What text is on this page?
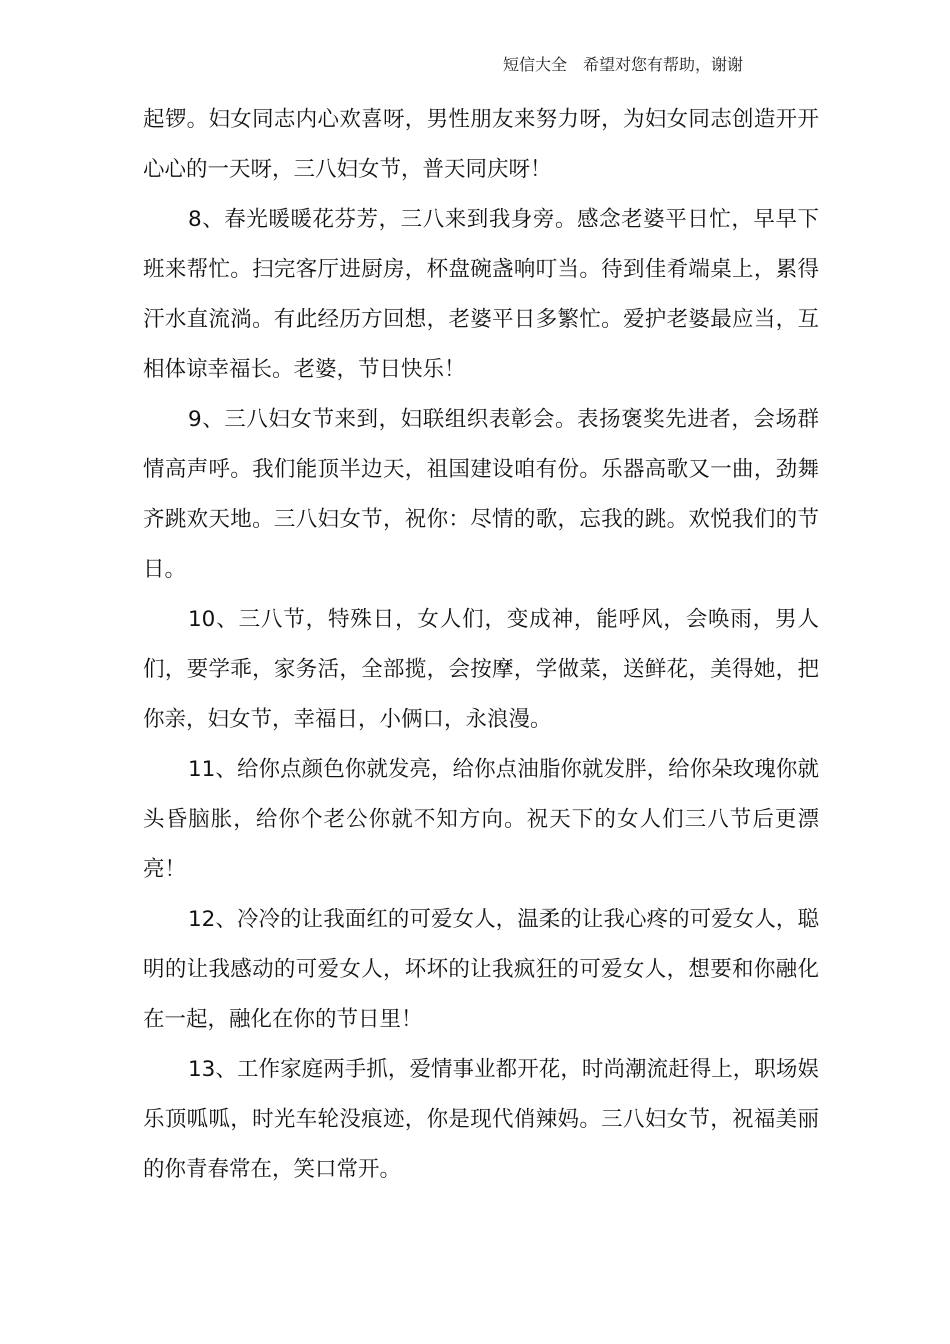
短信大全　希望对您有帮助，谢谢

起锣。妇女同志内心欢喜呀，男性朋友来努力呀，为妇女同志创造开开心心的一天呀，三八妇女节，普天同庆呀！

8、春光暖暖花芬芳，三八来到我身旁。感念老婆平日忙，早早下班来帮忙。扫完客厅进厨房，杯盘碗盏响叮当。待到佳肴端桌上，累得汗水直流淌。有此经历方回想，老婆平日多繁忙。爱护老婆最应当，互相体谅幸福长。老婆，节日快乐！

9、三八妇女节来到，妇联组织表彰会。表扬褒奖先进者，会场群情高声呼。我们能顶半边天，祖国建设咱有份。乐器高歌又一曲，劲舞齐跳欢天地。三八妇女节，祝你：尽情的歌，忘我的跳。欢悦我们的节日。

10、三八节，特殊日，女人们，变成神，能呼风，会唤雨，男人们，要学乖，家务活，全部揽，会按摩，学做菜，送鲜花，美得她，把你亲，妇女节，幸福日，小俩口，永浪漫。

11、给你点颜色你就发亮，给你点油脂你就发胖，给你朵玫瑰你就头昏脑胀，给你个老公你就不知方向。祝天下的女人们三八节后更漂亮！

12、冷冷的让我面红的可爱女人，温柔的让我心疼的可爱女人，聪明的让我感动的可爱女人，坏坏的让我疯狂的可爱女人，想要和你融化在一起，融化在你的节日里！

13、工作家庭两手抓，爱情事业都开花，时尚潮流赶得上，职场娱乐顶呱呱，时光车轮没痕迹，你是现代俏辣妈。三八妇女节，祝福美丽的你青春常在，笑口常开。
